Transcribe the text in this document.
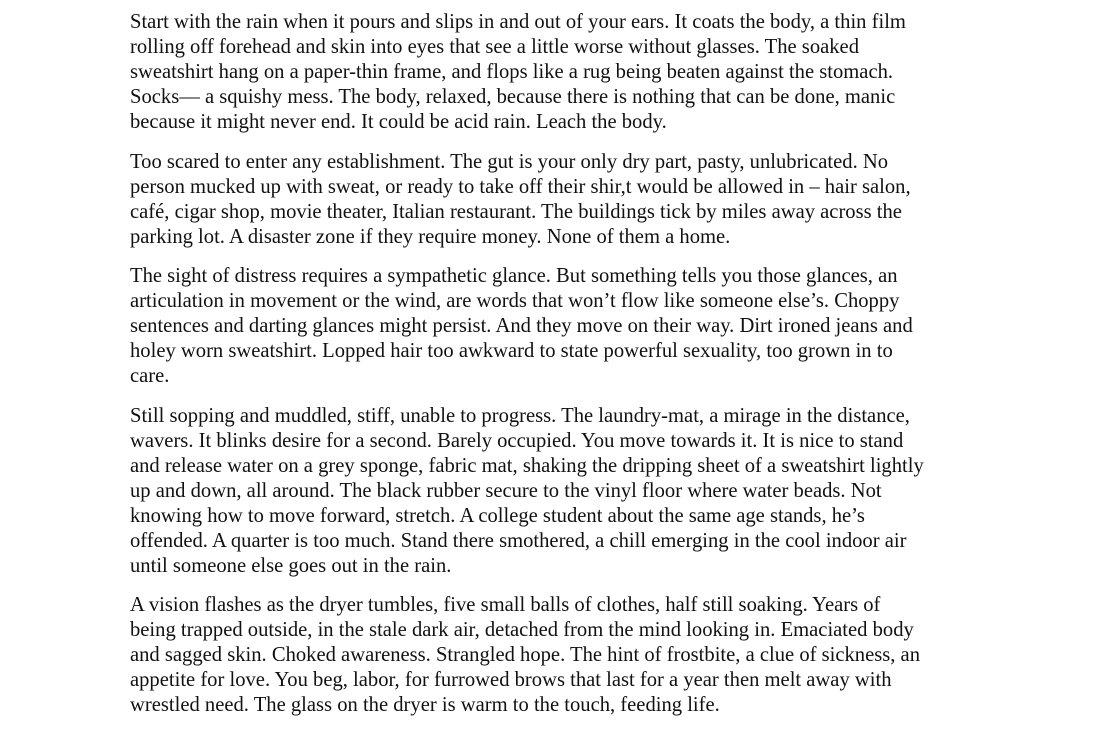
Start with the rain when it pours and slips in and out of your ears. It coats the body, a thin film
rolling off forehead and skin into eyes that see a little worse without glasses. The soaked
sweatshirt hang on a paper-thin frame, and flops like a rug being beaten against the stomach.
Socks— a squishy mess. The body, relaxed, because there is nothing that can be done, manic
because it might never end. It could be acid rain. Leach the body.

Too scared to enter any establishment. The gut is your only dry part, pasty, unlubricated. No
person mucked up with sweat, or ready to take off their shir,t would be allowed in – hair salon,
café, cigar shop, movie theater, Italian restaurant. The buildings tick by miles away across the
parking lot. A disaster zone if they require money. None of them a home.

The sight of distress requires a sympathetic glance. But something tells you those glances, an
articulation in movement or the wind, are words that won’t flow like someone else’s. Choppy
sentences and darting glances might persist. And they move on their way. Dirt ironed jeans and
holey worn sweatshirt. Lopped hair too awkward to state powerful sexuality, too grown in to
care.

Still sopping and muddled, stiff, unable to progress. The laundry-mat, a mirage in the distance,
wavers. It blinks desire for a second. Barely occupied. You move towards it. It is nice to stand
and release water on a grey sponge, fabric mat, shaking the dripping sheet of a sweatshirt lightly
up and down, all around. The black rubber secure to the vinyl floor where water beads. Not
knowing how to move forward, stretch. A college student about the same age stands, he’s
offended. A quarter is too much. Stand there smothered, a chill emerging in the cool indoor air
until someone else goes out in the rain.

A vision flashes as the dryer tumbles, five small balls of clothes, half still soaking. Years of
being trapped outside, in the stale dark air, detached from the mind looking in. Emaciated body
and sagged skin. Choked awareness. Strangled hope. The hint of frostbite, a clue of sickness, an
appetite for love. You beg, labor, for furrowed brows that last for a year then melt away with
wrestled need. The glass on the dryer is warm to the touch, feeding life.
